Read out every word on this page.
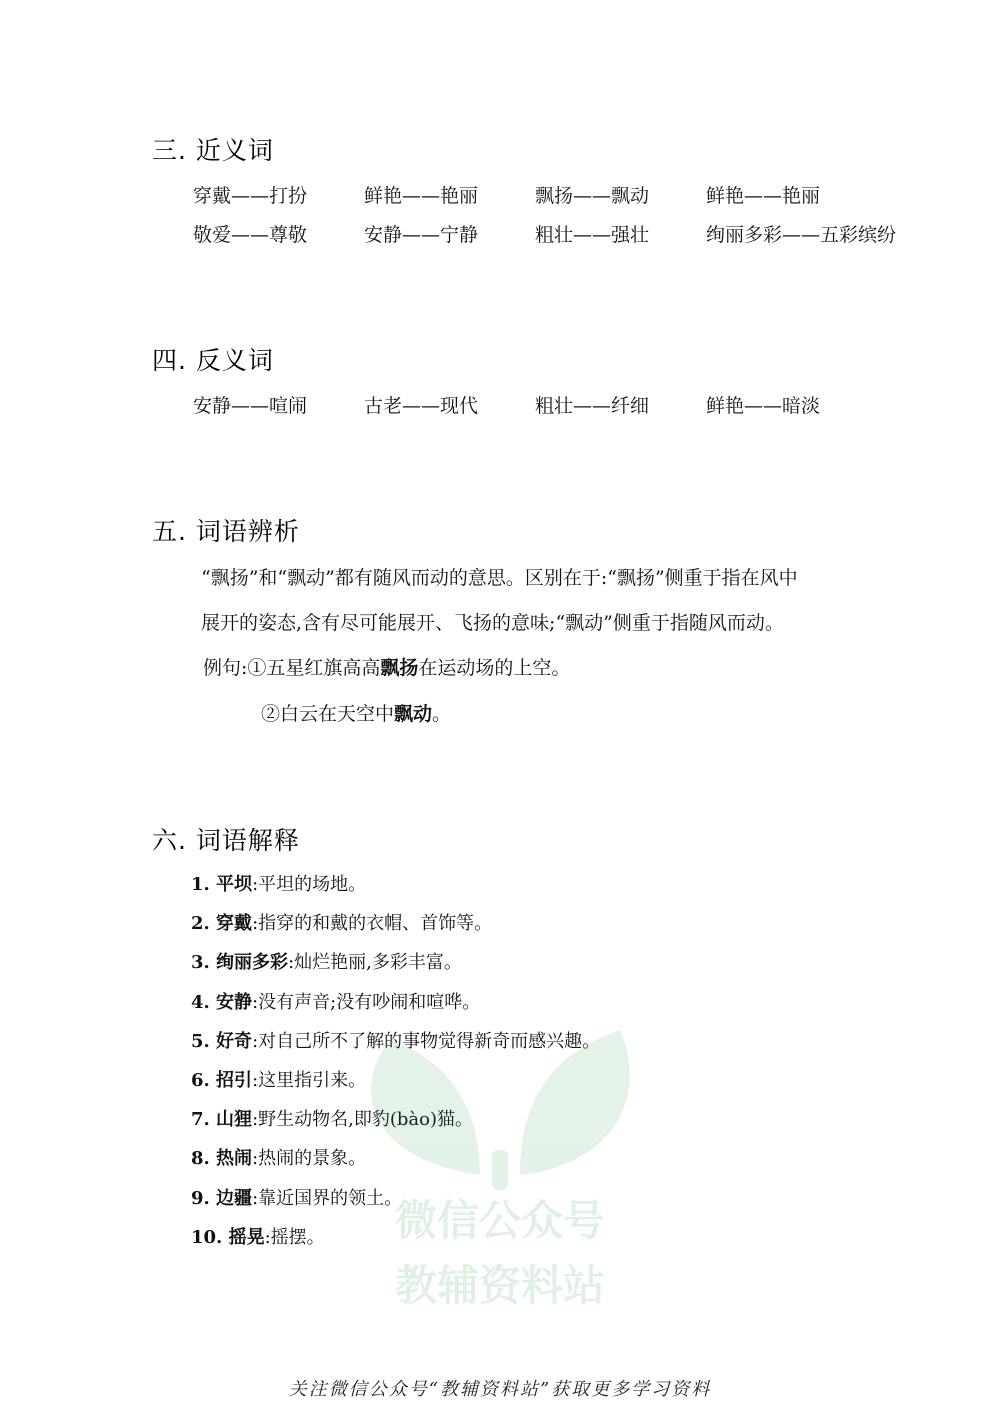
三. 近义词
穿戴——打扮	鲜艳——艳丽	飘扬——飘动	鲜艳——艳丽
敬爱——尊敬	安静——宁静	粗壮——强壮	绚丽多彩——五彩缤纷
四. 反义词
安静——喧闹	古老——现代	粗壮——纤细	鲜艳——暗淡
五. 词语辨析
“飘扬”和“飘动”都有随风而动的意思。区别在于:“飘扬”侧重于指在风中
展开的姿态,含有尽可能展开、飞扬的意味;“飘动”侧重于指随风而动。
例句:①五星红旗高高飘扬在运动场的上空。
②白云在天空中飘动。
六. 词语解释
1. 平坝:平坦的场地。
2. 穿戴:指穿的和戴的衣帽、首饰等。
3. 绚丽多彩:灿烂艳丽,多彩丰富。
4. 安静:没有声音;没有吵闹和喧哗。
5. 好奇:对自己所不了解的事物觉得新奇而感兴趣。
6. 招引:这里指引来。
7. 山狸:野生动物名,即豹(bào)猫。
8. 热闹:热闹的景象。
9. 边疆:靠近国界的领土。
10. 摇晃:摇摆。	微信公众号
教辅资料站
关注微信公众号“教辅资料站”获取更多学习资料
